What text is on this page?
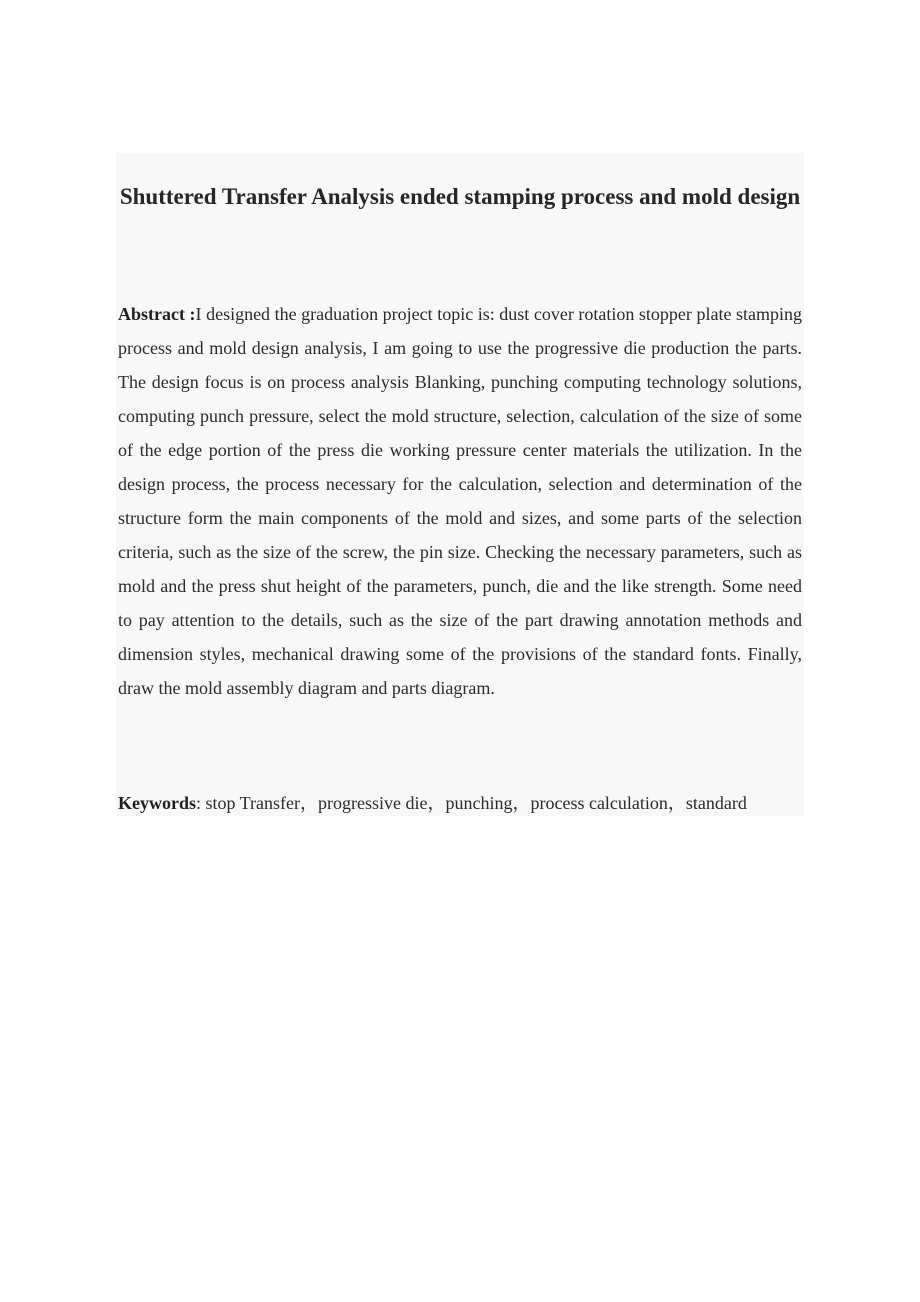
Shuttered Transfer Analysis ended stamping process and mold design

Abstract :I designed the graduation project topic is: dust cover rotation stopper plate stamping process and mold design analysis, I am going to use the progressive die production the parts. The design focus is on process analysis Blanking, punching computing technology solutions, computing punch pressure, select the mold structure, selection, calculation of the size of some of the edge portion of the press die working pressure center materials the utilization. In the design process, the process necessary for the calculation, selection and determination of the structure form the main components of the mold and sizes, and some parts of the selection criteria, such as the size of the screw, the pin size. Checking the necessary parameters, such as mold and the press shut height of the parameters, punch, die and the like strength. Some need to pay attention to the details, such as the size of the part drawing annotation methods and dimension styles, mechanical drawing some of the provisions of the standard fonts. Finally, draw the mold assembly diagram and parts diagram.

Keywords: stop Transfer，progressive die，punching，process calculation，standard
